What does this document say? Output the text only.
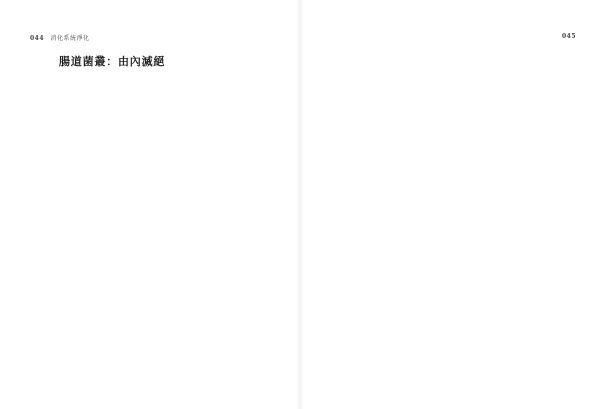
044 消化系統淨化
腸道菌叢：由內滅絕

045
